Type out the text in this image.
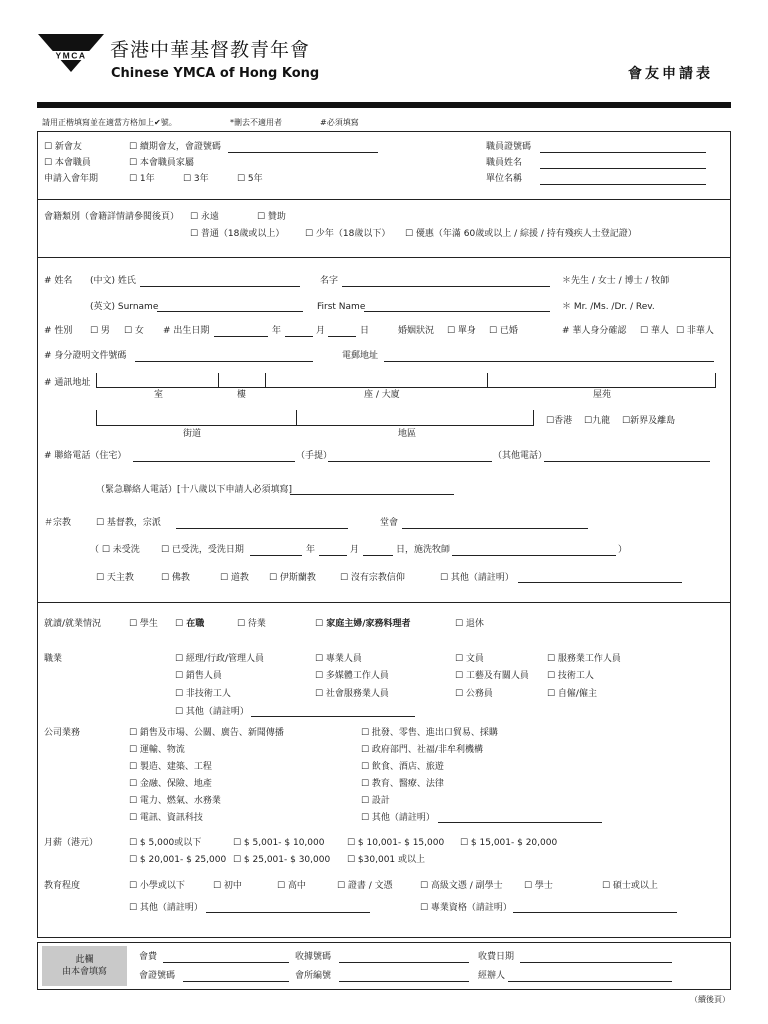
YMCA 香港中華基督教青年會
Chinese YMCA of Hong Kong	會友申請表
請用正楷填寫並在適當方格加上✔號。	*刪去不適用者	#必須填寫
☐ 新會友	☐ 續期會友，會證號碼
☐ 本會職員	☐ 本會職員家屬
申請入會年期	☐ 1年	☐ 3年	☐ 5年
職員證號碼
職員姓名
單位名稱
會籍類別（會籍詳情請參閱後頁） ☐ 永遠	☐ 贊助
☐ 普通（18歲或以上） ☐ 少年（18歲以下） ☐ 優惠（年滿 60歲或以上 / 綜援 / 持有殘疾人士登記證）
# 姓名 (中文) 姓氏	名字	＊先生 / 女士 / 博士 / 牧師
(英文) Surname	First Name	＊ Mr. /Ms. /Dr. / Rev.
# 性別 ☐ 男 ☐ 女 # 出生日期	年	月	日	婚姻狀況 ☐ 單身 ☐ 已婚	# 華人身分確認 ☐ 華人 ☐ 非華人
# 身分證明文件號碼	電郵地址
# 通訊地址
室	樓	座 / 大廈	屋苑
☐香港 ☐九龍 ☐新界及離島
街道	地區
# 聯絡電話（住宅）	（手提）	（其他電話）
（緊急聯絡人電話）[十八歲以下申請人必須填寫]
＃宗教	☐ 基督教，宗派	堂會
（ ☐ 未受洗 ☐ 已受洗，受洗日期	年	月	日，施洗牧師	）
☐ 天主教	☐ 佛教	☐ 道教 ☐ 伊斯蘭教	☐ 沒有宗教信仰	☐ 其他（請註明）
就讀/就業情況	☐ 學生 ☐ 在職	☐ 待業	☐ 家庭主婦/家務料理者	☐ 退休
職業	☐ 經理/行政/管理人員	☐ 專業人員	☐ 文員	☐ 服務業工作人員
☐ 銷售人員	☐ 多媒體工作人員	☐ 工藝及有關人員 ☐ 技術工人
☐ 非技術工人	☐ 社會服務業人員	☐ 公務員	☐ 自僱/僱主
☐ 其他（請註明）
公司業務	☐ 銷售及市場、公關、廣告、新聞傳播
☐ 運輸、物流
☐ 製造、建築、工程
☐ 金融、保險、地產
☐ 電力、燃氣、水務業
☐ 電訊、資訊科技
☐ 批發、零售、進出口貿易、採購
☐ 政府部門、社福/非牟利機構
☐ 飲食、酒店、旅遊
☐ 教育、醫療、法律
☐ 設計
☐ 其他（請註明）
月薪（港元）	☐ $ 5,000或以下	☐ $ 5,001- $ 10,000	☐ $ 10,001- $ 15,000 ☐ $ 15,001- $ 20,000
☐ $ 20,001- $ 25,000 ☐ $ 25,001- $ 30,000 ☐ $30,001 或以上
教育程度	☐ 小學或以下	☐ 初中	☐ 高中	☐ 證書 / 文憑	☐ 高級文憑 / 副學士 ☐ 學士	☐ 碩士或以上
☐ 其他（請註明）	☐ 專業資格（請註明）
此欄
由本會填寫
會費	收據號碼	收費日期
會證號碼	會所編號	經辦人
（續後頁）
